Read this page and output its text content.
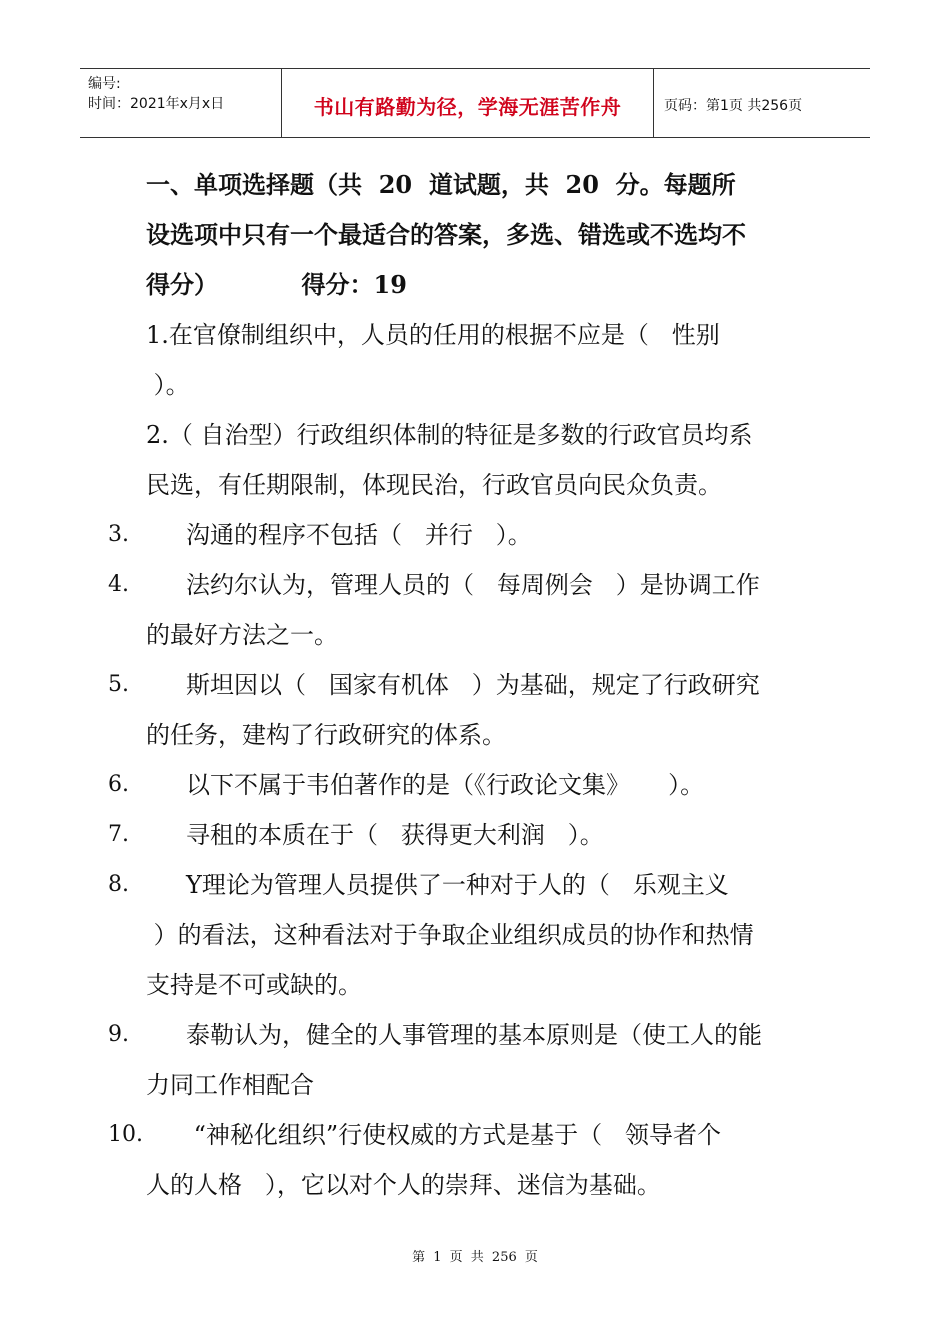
编号:
时间：2021年x月x日	书山有路勤为径，学海无涯苦作舟	页码：第1页 共256页
一、单项选择题（共  20  道试题，共  20  分。每题所
设选项中只有一个最适合的答案，多选、错选或不选均不
得分）          得分：19
1.在官僚制组织中，人员的任用的根据不应是（   性别
）。
2.（ 自治型）行政组织体制的特征是多数的行政官员均系
民选，有任期限制，体现民治，行政官员向民众负责。
3. 沟通的程序不包括（   并行   ）。
4. 法约尔认为，管理人员的（   每周例会   ）是协调工作
的最好方法之一。
5. 斯坦因以（   国家有机体   ）为基础，规定了行政研究
的任务，建构了行政研究的体系。
6. 以下不属于韦伯著作的是（《行政论文集》     ）。
7. 寻租的本质在于（   获得更大利润   ）。
8. Y理论为管理人员提供了一种对于人的（   乐观主义
）的看法，这种看法对于争取企业组织成员的协作和热情
支持是不可或缺的。
9. 泰勒认为，健全的人事管理的基本原则是（使工人的能
力同工作相配合
10. “神秘化组织”行使权威的方式是基于（   领导者个
人的人格   ），它以对个人的崇拜、迷信为基础。
第 1 页 共 256 页
